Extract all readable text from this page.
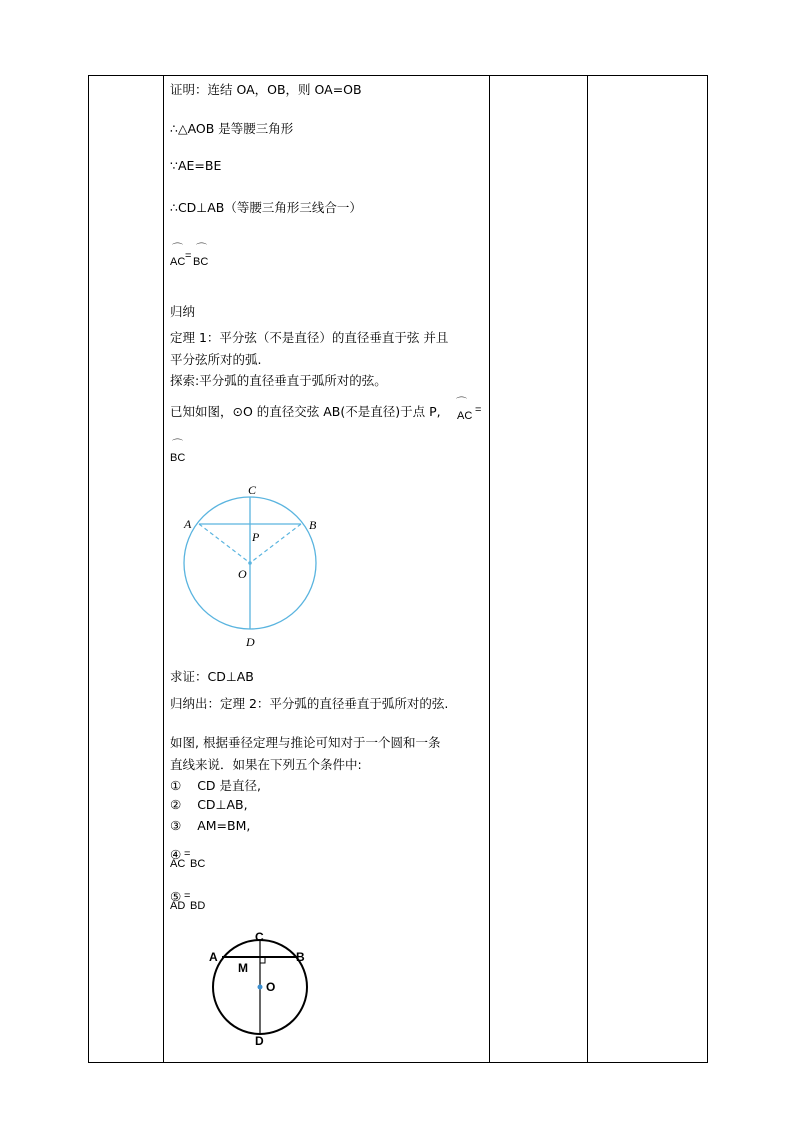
证明：连结 OA，OB，则 OA=OB
∴△AOB 是等腰三角形
∵AE=BE
∴CD⊥AB（等腰三角形三线合一）
⌒ ⌒
AC = BC
归纳
定理 1：平分弦（不是直径）的直径垂直于弦 并且
平分弦所对的弧.
探索:平分弧的直径垂直于弧所对的弦。
已知如图，⊙O 的直径交弦 AB(不是直径)于点 P,
⌒
AC =
⌒
BC
C
A	B
P
O
D
求证：CD⊥AB
归纳出：定理 2：平分弧的直径垂直于弧所对的弦.
如图, 根据垂径定理与推论可知对于一个圆和一条
直线来说．如果在下列五个条件中:
① CD 是直径,
② CD⊥AB,
③ AM=BM,
④
AC
=
BC
⑤
AD
=
BD
C
A	B
M
O
D
